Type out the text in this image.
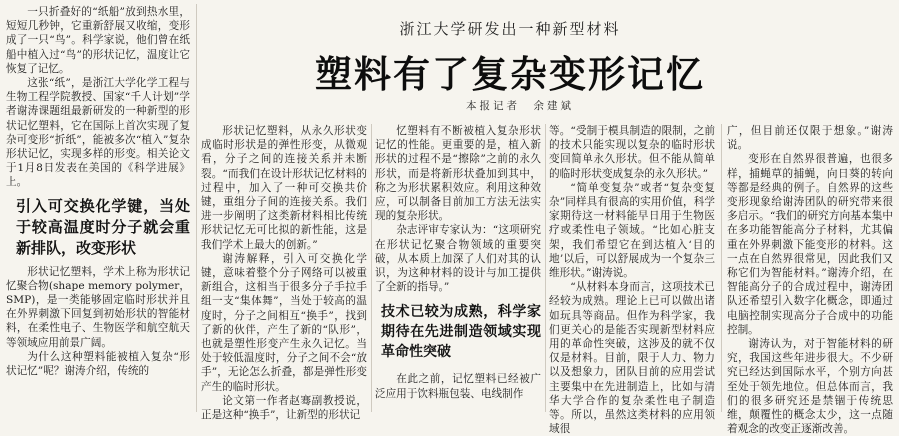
一只折叠好的“纸船”放到热水里，短短几秒钟，它重新舒展又收缩，变形成了一只“鸟”。科学家说，他们曾在纸船中植入过“鸟”的形状记忆，温度让它恢复了记忆。

这张“纸”，是浙江大学化学工程与生物工程学院教授、国家“千人计划”学者谢涛课题组最新研发的一种新型的形状记忆塑料，它在国际上首次实现了复杂可变形“折纸”，能被多次“植入”复杂形状记忆，实现多样的形变。相关论文于1月8日发表在美国的《科学进展》上。

引入可交换化学键，当处于较高温度时分子就会重新排队，改变形状

形状记忆塑料，学术上称为形状记忆聚合物(shape memory polymer，SMP)，是一类能够固定临时形状并且在外界刺激下回复到初始形状的智能材料，在柔性电子、生物医学和航空航天等领域应用前景广阔。

为什么这种塑料能被植入复杂“形状记忆”呢？谢涛介绍，传统的

浙江大学研发出一种新型材料
塑料有了复杂变形记忆
本报记者　余建斌

形状记忆塑料，从永久形状变成临时形状是的弹性形变，从微观看，分子之间的连接关系并未断裂。“而我们在设计形状记忆材料的过程中，加入了一种可交换共价键，重组分子间的连接关系。我们进一步阐明了这类新材料相比传统形状记忆无可比拟的新性能，这是我们学术上最大的创新。”

谢涛解释，引入可交换化学键，意味着整个分子网络可以被重新组合，这相当于很多分子手拉手组一支“集体舞”，当处于较高的温度时，分子之间相互“换手”，找到了新的伙伴，产生了新的“队形”，也就是塑性形变产生永久记忆。当处于较低温度时，分子之间不会“放手”，无论怎么折叠，都是弹性形变产生的临时形状。

论文第一作者赵骞副教授说，正是这种“换手”，让新型的形状记

忆塑料有不断被植入复杂形状记忆的性能。更重要的是，植入新形状的过程不是“擦除”之前的永久形状，而是将新形状叠加到其中，称之为形状累积效应。利用这种效应，可以制备目前加工方法无法实现的复杂形状。

杂志评审专家认为：“这项研究在形状记忆聚合物领域的重要突破，从本质上加深了人们对其的认识，为这种材料的设计与加工提供了全新的指导。”

技术已较为成熟，科学家期待在先进制造领域实现革命性突破

在此之前，记忆塑料已经被广泛应用于饮料瓶包装、电线制作

等。“受制于模具制造的限制，之前的技术只能实现以复杂的临时形状变回简单永久形状。但不能从简单的临时形状变成复杂的永久形状。”

“简单变复杂”或者“复杂变复杂”同样具有很高的实用价值，科学家期待这一材料能早日用于生物医疗或柔性电子领域。“比如心脏支架，我们希望它在到达植入‘目的地’以后，可以舒展成为一个复杂三维形状。”谢涛说。

“从材料本身而言，这项技术已经较为成熟。理论上已可以做出诸如玩具等商品。但作为科学家，我们更关心的是能否实现新型材料应用的革命性突破，这涉及的就不仅仅是材料。目前，限于人力、物力以及想象力，团队目前的应用尝试主要集中在先进制造上，比如与清华大学合作的复杂柔性电子制造等。所以，虽然这类材料的应用领域很

广，但目前还仅限于想象。”谢涛说。

变形在自然界很普遍，也很多样，捕蝇草的捕蝇，向日葵的转向等都是经典的例子。自然界的这些变形现象给谢涛团队的研究带来很多启示。“我们的研究方向基本集中在多功能智能高分子材料，尤其偏重在外界刺激下能变形的材料。这一点在自然界很常见，因此我们又称它们为智能材料。”谢涛介绍，在智能高分子的合成过程中，谢涛团队还希望引入数字化概念，即通过电脑控制实现高分子合成中的功能控制。

谢涛认为，对于智能材料的研究，我国这些年进步很大。不少研究已经达到国际水平，个别方向甚至处于领先地位。但总体而言，我们的很多研究还是禁锢于传统思维，颠覆性的概念太少，这一点随着观念的改变正逐渐改善。
